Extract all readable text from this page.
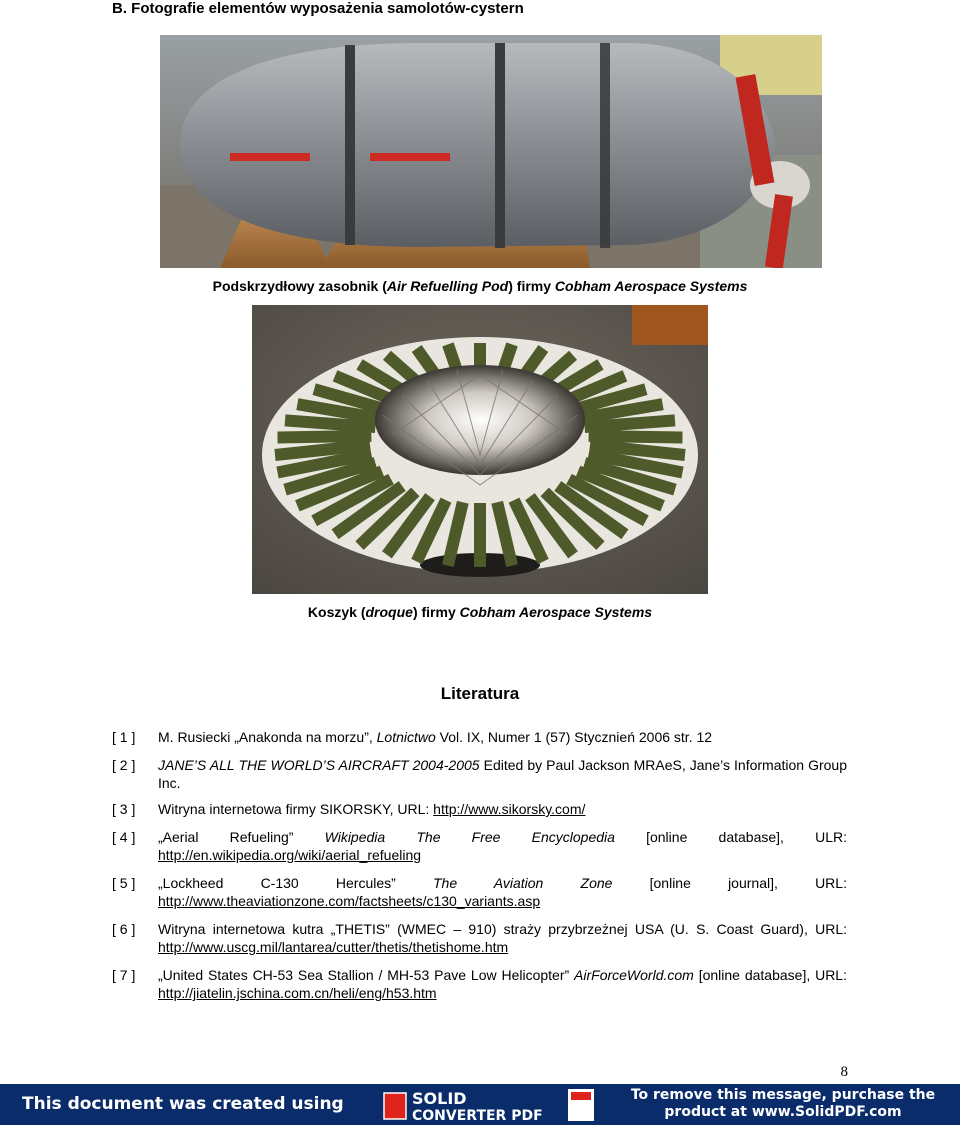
B. Fotografie elementów wyposażenia samolotów-cystern
Podskrzydłowy zasobnik (Air Refuelling Pod) firmy Cobham Aerospace Systems
Koszyk (droque) firmy Cobham Aerospace Systems
Literatura
[ 1 ] M. Rusiecki „Anakonda na morzu”, Lotnictwo Vol. IX, Numer 1 (57) Stycznień 2006 str. 12
[ 2 ] JANE’S ALL THE WORLD’S AIRCRAFT 2004-2005 Edited by Paul Jackson MRAeS, Jane’s Information Group Inc.
[ 3 ] Witryna internetowa firmy SIKORSKY, URL: http://www.sikorsky.com/
[ 4 ] „Aerial Refueling” Wikipedia The Free Encyclopedia [online database], ULR: http://en.wikipedia.org/wiki/aerial_refueling
[ 5 ] „Lockheed C-130 Hercules” The Aviation Zone [online journal], URL: http://www.theaviationzone.com/factsheets/c130_variants.asp
[ 6 ] Witryna internetowa kutra „THETIS” (WMEC – 910) straży przybrzeżnej USA (U. S. Coast Guard), URL: http://www.uscg.mil/lantarea/cutter/thetis/thetishome.htm
[ 7 ] „United States CH-53 Sea Stallion / MH-53 Pave Low Helicopter” AirForceWorld.com [online database], URL: http://jiatelin.jschina.com.cn/heli/eng/h53.htm
8
This document was created using	SOLID
CONVERTER PDF
To remove this message, purchase the
product at www.SolidPDF.com
